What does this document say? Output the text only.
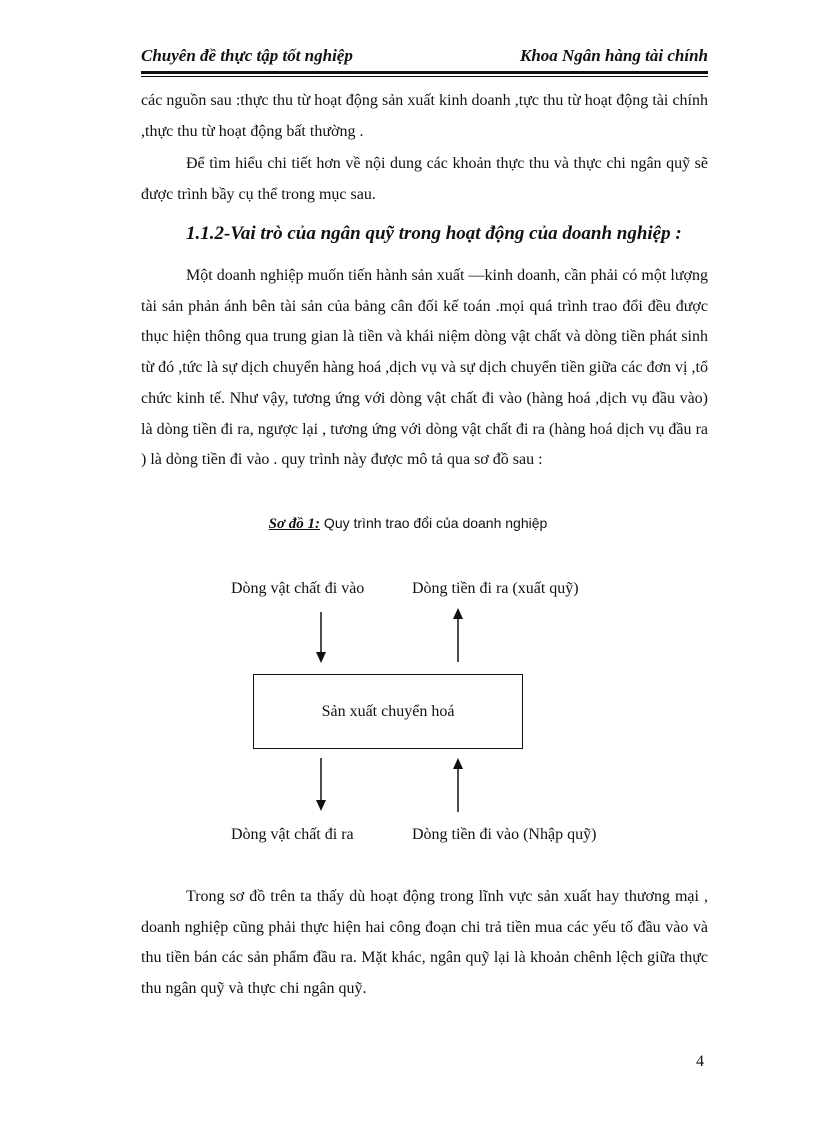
Chuyên đề thực tập tốt nghiệp	Khoa Ngân hàng tài chính

các nguồn sau :thực thu từ hoạt động sản xuất kinh doanh ,tực thu từ hoạt động tài chính ,thực thu từ hoạt động bất thường .

Để tìm hiểu chi tiết hơn về nội dung các khoản thực thu và thực chi ngân quỹ sẽ được trình bầy cụ thể trong mục sau.

1.1.2-Vai trò của ngân quỹ trong hoạt động của doanh nghiệp :

Một doanh nghiệp muốn tiến hành sản xuất —kinh doanh, cần phải có một lượng tài sản phản ánh bên tài sản của bảng cân đối kế toán .mọi quá trình trao đổi đều được thục hiện thông qua trung gian là tiền và khái niệm dòng vật chất và dòng tiền phát sinh từ đó ,tức là sự dịch chuyển hàng hoá ,dịch vụ và sự dịch chuyển tiền giữa các đơn vị ,tổ chức kinh tế. Như vậy, tương ứng với dòng vật chất đi vào (hàng hoá ,dịch vụ đầu vào) là dòng tiền đi ra, ngược lại , tương ứng với dòng vật chất đi ra (hàng hoá dịch vụ đầu ra ) là dòng tiền đi vào . quy trình này được mô tả qua sơ đồ sau :

Sơ đồ 1: Quy trình trao đổi của doanh nghiệp
Dòng vật chất đi vào	Dòng tiền đi ra (xuất quỹ)
Sản xuất chuyển hoá
Dòng vật chất đi ra	Dòng tiền đi vào (Nhập quỹ)

Trong sơ đồ trên ta thấy dù hoạt động trong lĩnh vực sản xuất hay thương mại , doanh nghiệp cũng phải thực hiện hai công đoạn chi trả tiền mua các yếu tố đầu vào và thu tiền bán các sản phẩm đầu ra. Mặt khác, ngân quỹ lại là khoản chênh lệch giữa thực thu ngân quỹ và thực chi ngân quỹ.

4
